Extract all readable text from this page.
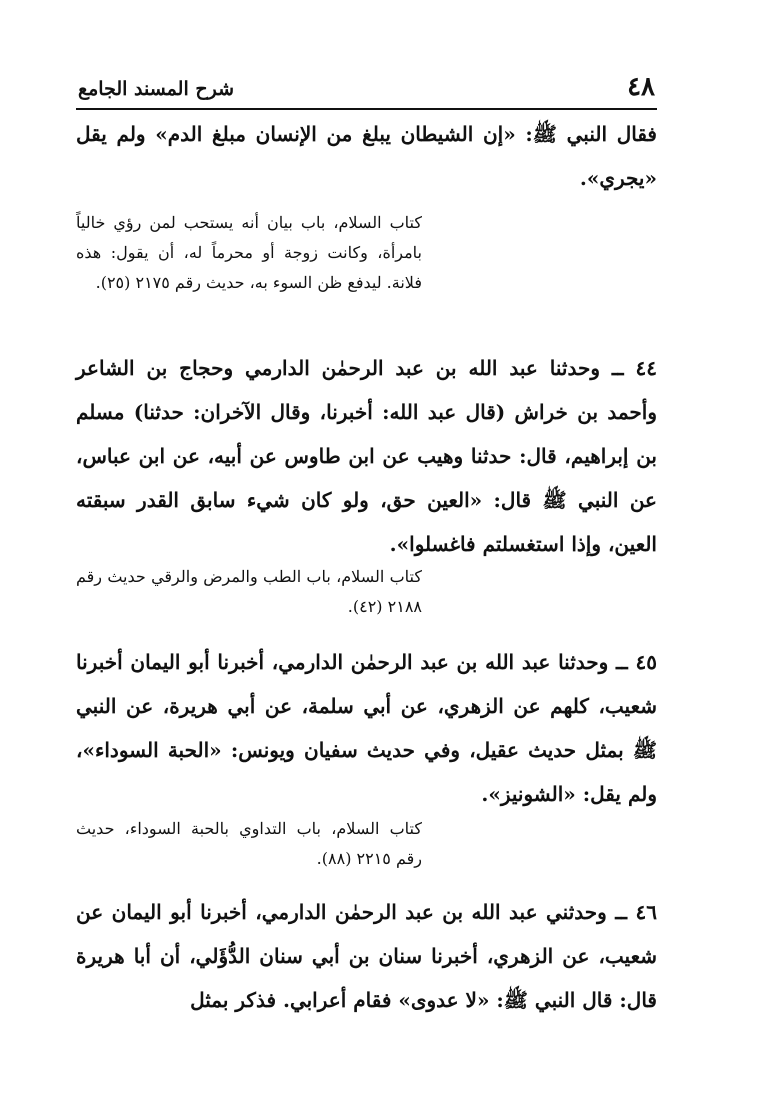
٤٨
شرح المسند الجامع

فقال النبي ﷺ: «إن الشيطان يبلغ من الإنسان مبلغ الدم» ولم يقل «يجري».

كتاب السلام، باب بيان أنه يستحب لمن رؤي خالياً بامرأة، وكانت زوجة أو محرماً له، أن يقول: هذه فلانة. ليدفع ظن السوء به، حديث رقم ٢١٧٥ (٢٥).

٤٤ ــ وحدثنا عبد الله بن عبد الرحمٰن الدارمي وحجاج بن الشاعر وأحمد بن خراش (قال عبد الله: أخبرنا، وقال الآخران: حدثنا) مسلم بن إبراهيم، قال: حدثنا وهيب عن ابن طاوس عن أبيه، عن ابن عباس، عن النبي ﷺ قال: «العين حق، ولو كان شيء سابق القدر سبقته العين، وإذا استغسلتم فاغسلوا».

كتاب السلام، باب الطب والمرض والرقي حديث رقم ٢١٨٨ (٤٢).

٤٥ ــ وحدثنا عبد الله بن عبد الرحمٰن الدارمي، أخبرنا أبو اليمان أخبرنا شعيب، كلهم عن الزهري، عن أبي سلمة، عن أبي هريرة، عن النبي ﷺ بمثل حديث عقيل، وفي حديث سفيان ويونس: «الحبة السوداء»، ولم يقل: «الشونيز».

كتاب السلام، باب التداوي بالحبة السوداء، حديث رقم ٢٢١٥ (٨٨).

٤٦ ــ وحدثني عبد الله بن عبد الرحمٰن الدارمي، أخبرنا أبو اليمان عن شعيب، عن الزهري، أخبرنا سنان بن أبي سنان الدُّؤَلي، أن أبا هريرة قال: قال النبي ﷺ: «لا عدوى» فقام أعرابي. فذكر بمثل
